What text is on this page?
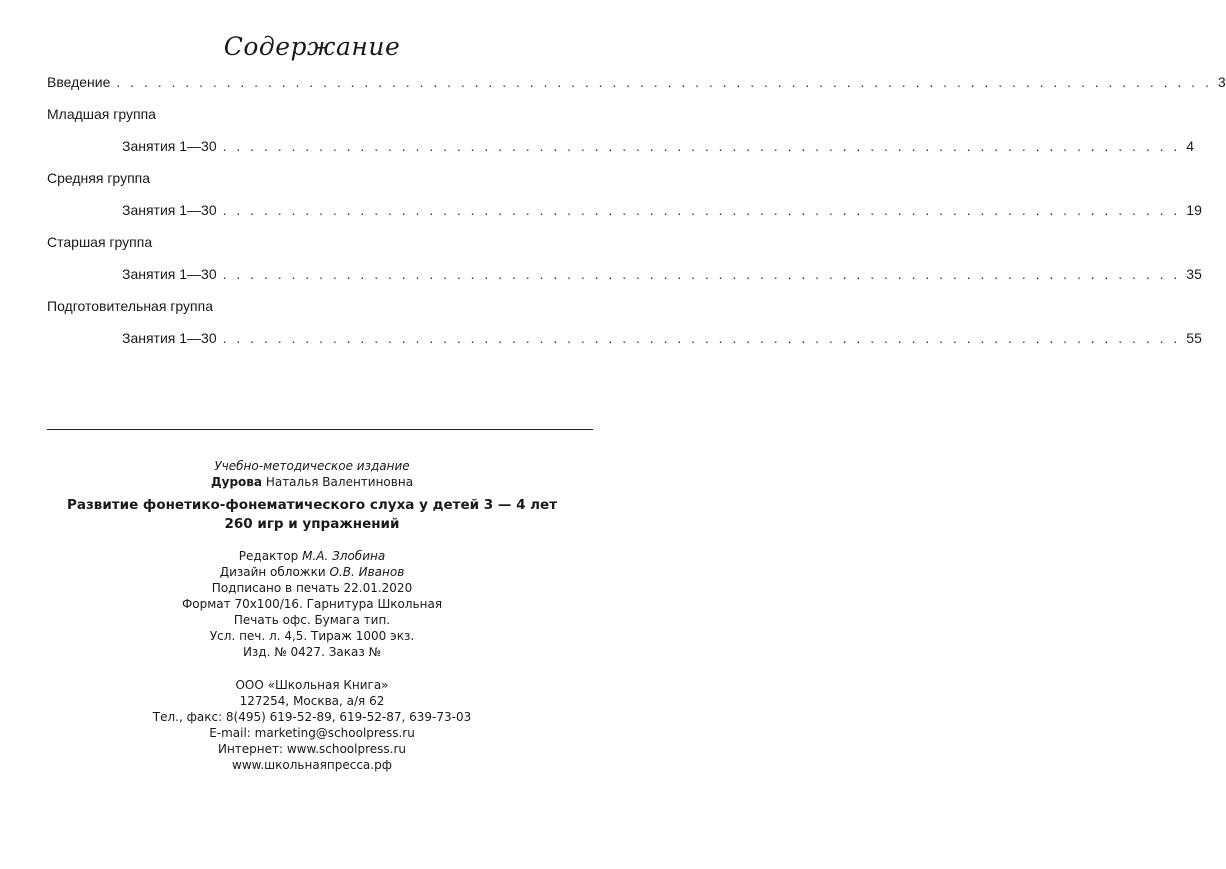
Содержание
Введение . . . . . . . . . . . . . . . . . . . . . . . . . . . . . . . . . . . . . . . . . . . . . . . . . . . . . . . . . . . . . . . . . . . . . . . . . . . . . . . . 3
Младшая группа
Занятия 1—30 . . . . . . . . . . . . . . . . . . . . . . . . . . . . . . . . . . . . . . . . . . . . . . . . . . . . . . . . . . . . . . . . . . . . . . 4
Средняя группа
Занятия 1—30 . . . . . . . . . . . . . . . . . . . . . . . . . . . . . . . . . . . . . . . . . . . . . . . . . . . . . . . . . . . . . . . . . . . . . . 19
Старшая группа
Занятия 1—30 . . . . . . . . . . . . . . . . . . . . . . . . . . . . . . . . . . . . . . . . . . . . . . . . . . . . . . . . . . . . . . . . . . . . . . 35
Подготовительная группа
Занятия 1—30 . . . . . . . . . . . . . . . . . . . . . . . . . . . . . . . . . . . . . . . . . . . . . . . . . . . . . . . . . . . . . . . . . . . . . . 55
Учебно-методическое издание
Дурова Наталья Валентиновна
Развитие фонетико-фонематического слуха у детей 3 — 4 лет
260 игр и упражнений
Редактор М.А. Злобина
Дизайн обложки О.В. Иванов
Подписано в печать 22.01.2020
Формат 70х100/16. Гарнитура Школьная
Печать офс. Бумага тип.
Усл. печ. л. 4,5. Тираж 1000 экз.
Изд. № 0427. Заказ №
ООО «Школьная Книга»
127254, Москва, а/я 62
Тел., факс: 8(495) 619-52-89, 619-52-87, 639-73-03
E-mail: marketing@schoolpress.ru
Интернет: www.schoolpress.ru
www.школьнаяпресса.рф
